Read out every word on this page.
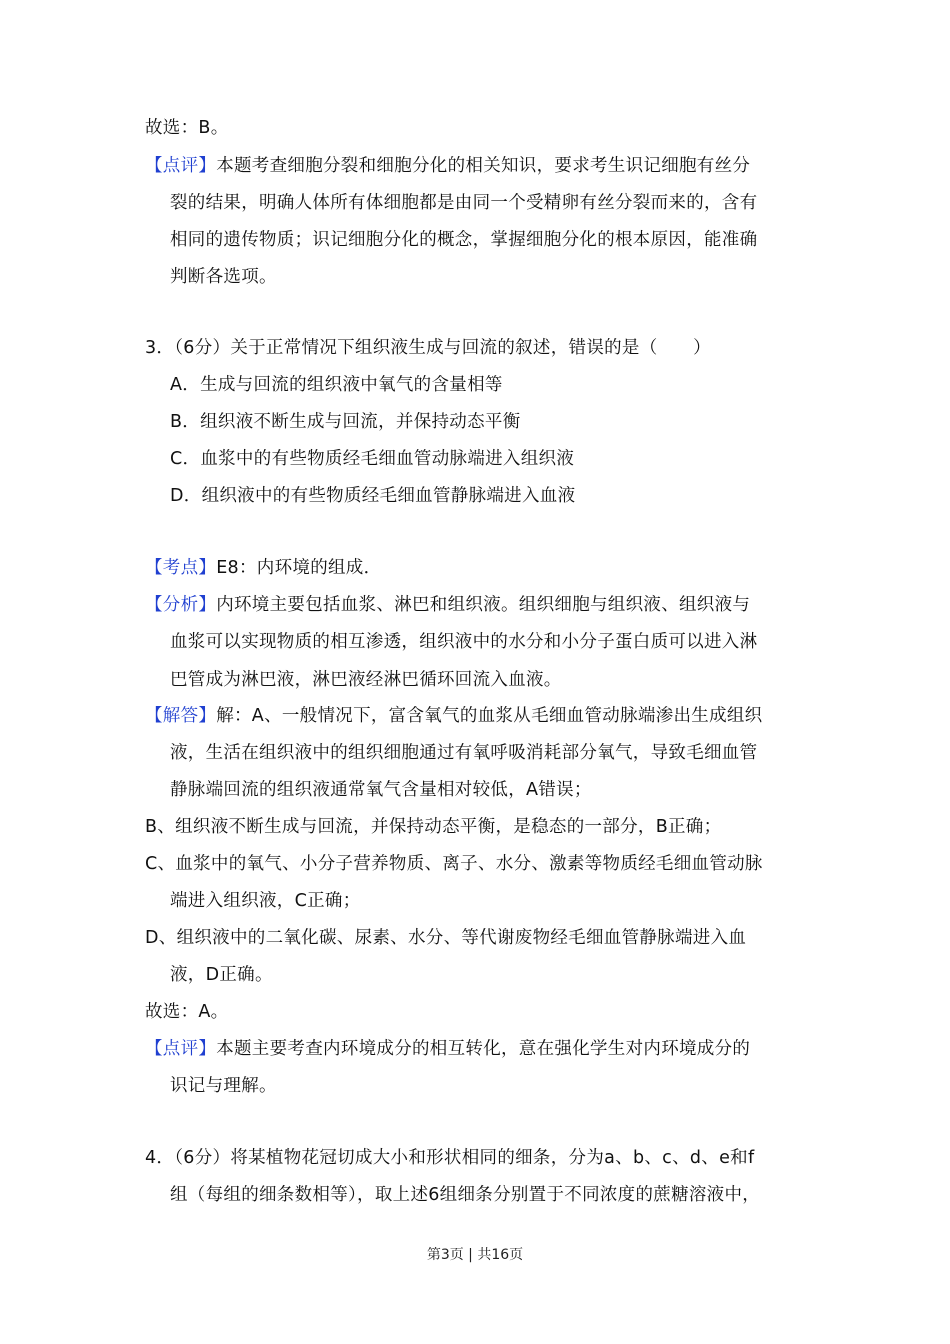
故选：B。
【点评】本题考查细胞分裂和细胞分化的相关知识，要求考生识记细胞有丝分
裂的结果，明确人体所有体细胞都是由同一个受精卵有丝分裂而来的，含有
相同的遗传物质；识记细胞分化的概念，掌握细胞分化的根本原因，能准确
判断各选项。
3．（6分）关于正常情况下组织液生成与回流的叙述，错误的是（　　）
A．生成与回流的组织液中氧气的含量相等
B．组织液不断生成与回流，并保持动态平衡
C．血浆中的有些物质经毛细血管动脉端进入组织液
D．组织液中的有些物质经毛细血管静脉端进入血液
【考点】E8：内环境的组成．
【分析】内环境主要包括血浆、淋巴和组织液。组织细胞与组织液、组织液与
血浆可以实现物质的相互渗透，组织液中的水分和小分子蛋白质可以进入淋
巴管成为淋巴液，淋巴液经淋巴循环回流入血液。
【解答】解：A、一般情况下，富含氧气的血浆从毛细血管动脉端渗出生成组织
液，生活在组织液中的组织细胞通过有氧呼吸消耗部分氧气，导致毛细血管
静脉端回流的组织液通常氧气含量相对较低，A错误；
B、组织液不断生成与回流，并保持动态平衡，是稳态的一部分，B正确；
C、血浆中的氧气、小分子营养物质、离子、水分、激素等物质经毛细血管动脉
端进入组织液，C正确；
D、组织液中的二氧化碳、尿素、水分、等代谢废物经毛细血管静脉端进入血
液，D正确。
故选：A。
【点评】本题主要考查内环境成分的相互转化，意在强化学生对内环境成分的
识记与理解。
4．（6分）将某植物花冠切成大小和形状相同的细条，分为a、b、c、d、e和f
组（每组的细条数相等），取上述6组细条分别置于不同浓度的蔗糖溶液中，
第3页 | 共16页
